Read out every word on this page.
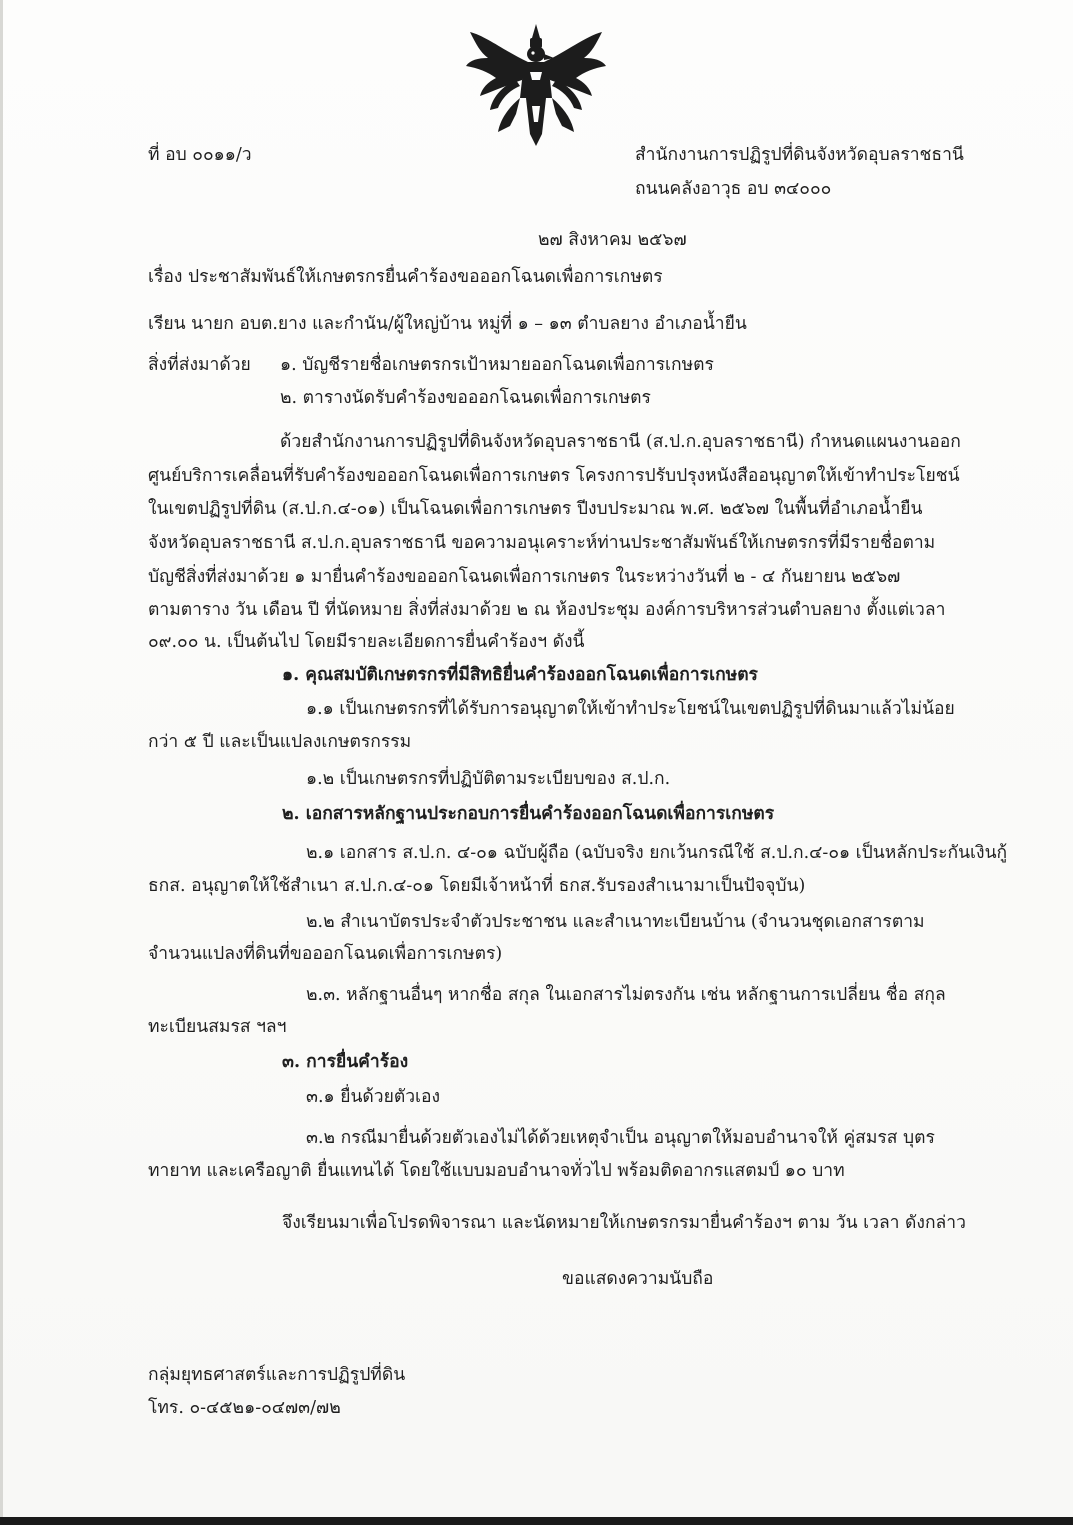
ที่ อบ ๐๐๑๑/ว	สำนักงานการปฏิรูปที่ดินจังหวัดอุบลราชธานี
ถนนคลังอาวุธ อบ ๓๔๐๐๐
๒๗ สิงหาคม ๒๕๖๗
เรื่อง ประชาสัมพันธ์ให้เกษตรกรยื่นคำร้องขอออกโฉนดเพื่อการเกษตร
เรียน นายก อบต.ยาง และกำนัน/ผู้ใหญ่บ้าน หมู่ที่ ๑ – ๑๓ ตำบลยาง อำเภอน้ำยืน
สิ่งที่ส่งมาด้วย ๑. บัญชีรายชื่อเกษตรกรเป้าหมายออกโฉนดเพื่อการเกษตร
๒. ตารางนัดรับคำร้องขอออกโฉนดเพื่อการเกษตร
ด้วยสำนักงานการปฏิรูปที่ดินจังหวัดอุบลราชธานี (ส.ป.ก.อุบลราชธานี) กำหนดแผนงานออก
ศูนย์บริการเคลื่อนที่รับคำร้องขอออกโฉนดเพื่อการเกษตร โครงการปรับปรุงหนังสืออนุญาตให้เข้าทำประโยชน์
ในเขตปฏิรูปที่ดิน (ส.ป.ก.๔-๐๑) เป็นโฉนดเพื่อการเกษตร ปีงบประมาณ พ.ศ. ๒๕๖๗ ในพื้นที่อำเภอน้ำยืน
จังหวัดอุบลราชธานี ส.ป.ก.อุบลราชธานี ขอความอนุเคราะห์ท่านประชาสัมพันธ์ให้เกษตรกรที่มีรายชื่อตาม
บัญชีสิ่งที่ส่งมาด้วย ๑ มายื่นคำร้องขอออกโฉนดเพื่อการเกษตร ในระหว่างวันที่ ๒ - ๔ กันยายน ๒๕๖๗
ตามตาราง วัน เดือน ปี ที่นัดหมาย สิ่งที่ส่งมาด้วย ๒ ณ ห้องประชุม องค์การบริหารส่วนตำบลยาง ตั้งแต่เวลา
๐๙.๐๐ น. เป็นต้นไป โดยมีรายละเอียดการยื่นคำร้องฯ ดังนี้
๑. คุณสมบัติเกษตรกรที่มีสิทธิยื่นคำร้องออกโฉนดเพื่อการเกษตร
๑.๑ เป็นเกษตรกรที่ได้รับการอนุญาตให้เข้าทำประโยชน์ในเขตปฏิรูปที่ดินมาแล้วไม่น้อย
กว่า ๕ ปี และเป็นแปลงเกษตรกรรม
๑.๒ เป็นเกษตรกรที่ปฏิบัติตามระเบียบของ ส.ป.ก.
๒. เอกสารหลักฐานประกอบการยื่นคำร้องออกโฉนดเพื่อการเกษตร
๒.๑ เอกสาร ส.ป.ก. ๔-๐๑ ฉบับผู้ถือ (ฉบับจริง ยกเว้นกรณีใช้ ส.ป.ก.๔-๐๑ เป็นหลักประกันเงินกู้
ธกส. อนุญาตให้ใช้สำเนา ส.ป.ก.๔-๐๑ โดยมีเจ้าหน้าที่ ธกส.รับรองสำเนามาเป็นปัจจุบัน)
๒.๒ สำเนาบัตรประจำตัวประชาชน และสำเนาทะเบียนบ้าน (จำนวนชุดเอกสารตาม
จำนวนแปลงที่ดินที่ขอออกโฉนดเพื่อการเกษตร)
๒.๓. หลักฐานอื่นๆ หากชื่อ สกุล ในเอกสารไม่ตรงกัน เช่น หลักฐานการเปลี่ยน ชื่อ สกุล
ทะเบียนสมรส ฯลฯ
๓. การยื่นคำร้อง
๓.๑ ยื่นด้วยตัวเอง
๓.๒ กรณีมายื่นด้วยตัวเองไม่ได้ด้วยเหตุจำเป็น อนุญาตให้มอบอำนาจให้ คู่สมรส บุตร
ทายาท และเครือญาติ ยื่นแทนได้ โดยใช้แบบมอบอำนาจทั่วไป พร้อมติดอากรแสตมป์ ๑๐ บาท
จึงเรียนมาเพื่อโปรดพิจารณา และนัดหมายให้เกษตรกรมายื่นคำร้องฯ ตาม วัน เวลา ดังกล่าว
ขอแสดงความนับถือ
กลุ่มยุทธศาสตร์และการปฏิรูปที่ดิน
โทร. ๐-๔๕๒๑-๐๔๗๓/๗๒
